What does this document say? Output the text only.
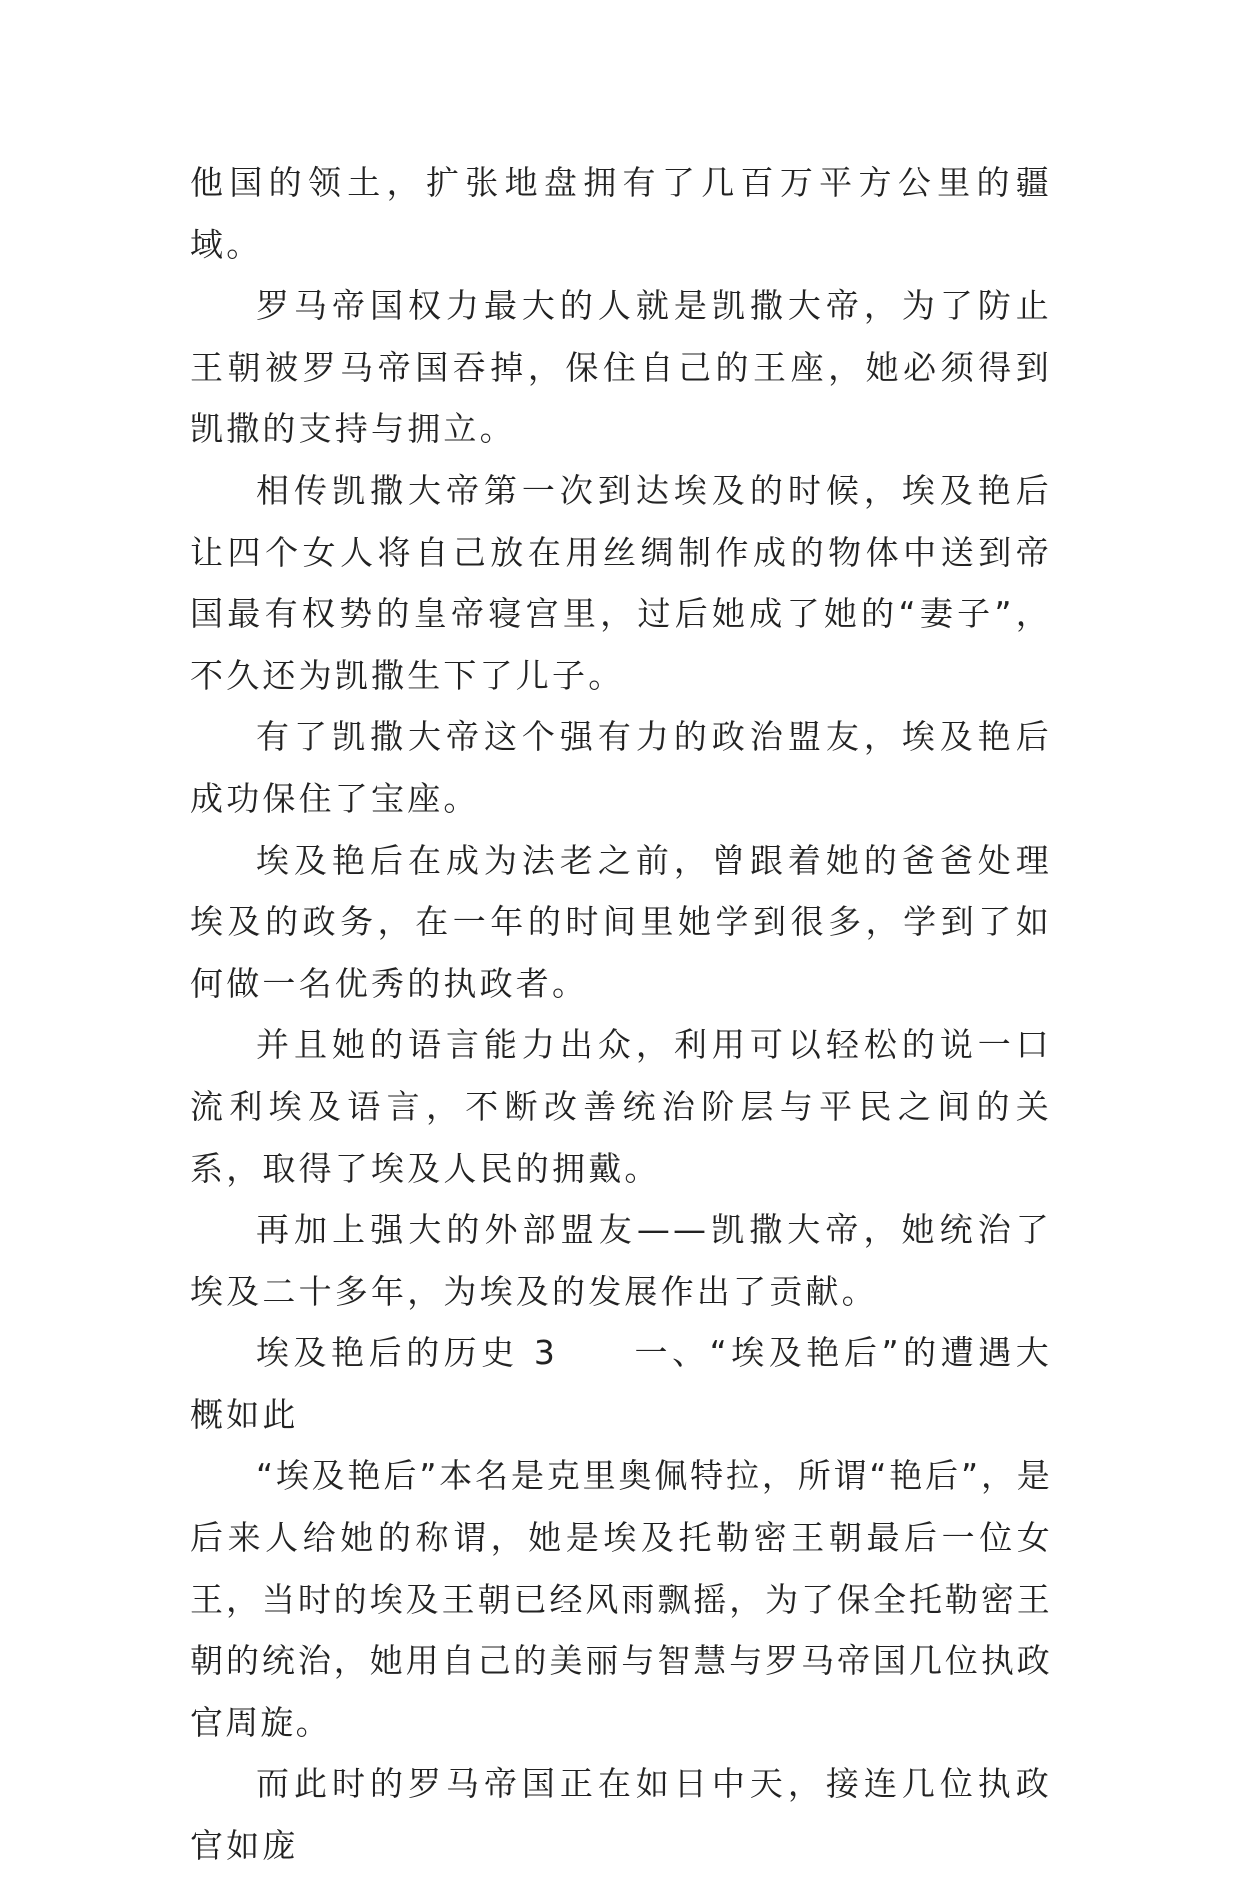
他国的领土，扩张地盘拥有了几百万平方公里的疆域。

罗马帝国权力最大的人就是凯撒大帝，为了防止王朝被罗马帝国吞掉，保住自己的王座，她必须得到凯撒的支持与拥立。

相传凯撒大帝第一次到达埃及的时候，埃及艳后让四个女人将自己放在用丝绸制作成的物体中送到帝国最有权势的皇帝寝宫里，过后她成了她的“妻子”，不久还为凯撒生下了儿子。

有了凯撒大帝这个强有力的政治盟友，埃及艳后成功保住了宝座。

埃及艳后在成为法老之前，曾跟着她的爸爸处理埃及的政务，在一年的时间里她学到很多，学到了如何做一名优秀的执政者。

并且她的语言能力出众，利用可以轻松的说一口流利埃及语言，不断改善统治阶层与平民之间的关系，取得了埃及人民的拥戴。

再加上强大的外部盟友——凯撒大帝，她统治了埃及二十多年，为埃及的发展作出了贡献。

埃及艳后的历史 3　　一、“埃及艳后”的遭遇大概如此

“埃及艳后”本名是克里奥佩特拉，所谓“艳后”，是后来人给她的称谓，她是埃及托勒密王朝最后一位女王，当时的埃及王朝已经风雨飘摇，为了保全托勒密王朝的统治，她用自己的美丽与智慧与罗马帝国几位执政官周旋。

而此时的罗马帝国正在如日中天，接连几位执政官如庞
